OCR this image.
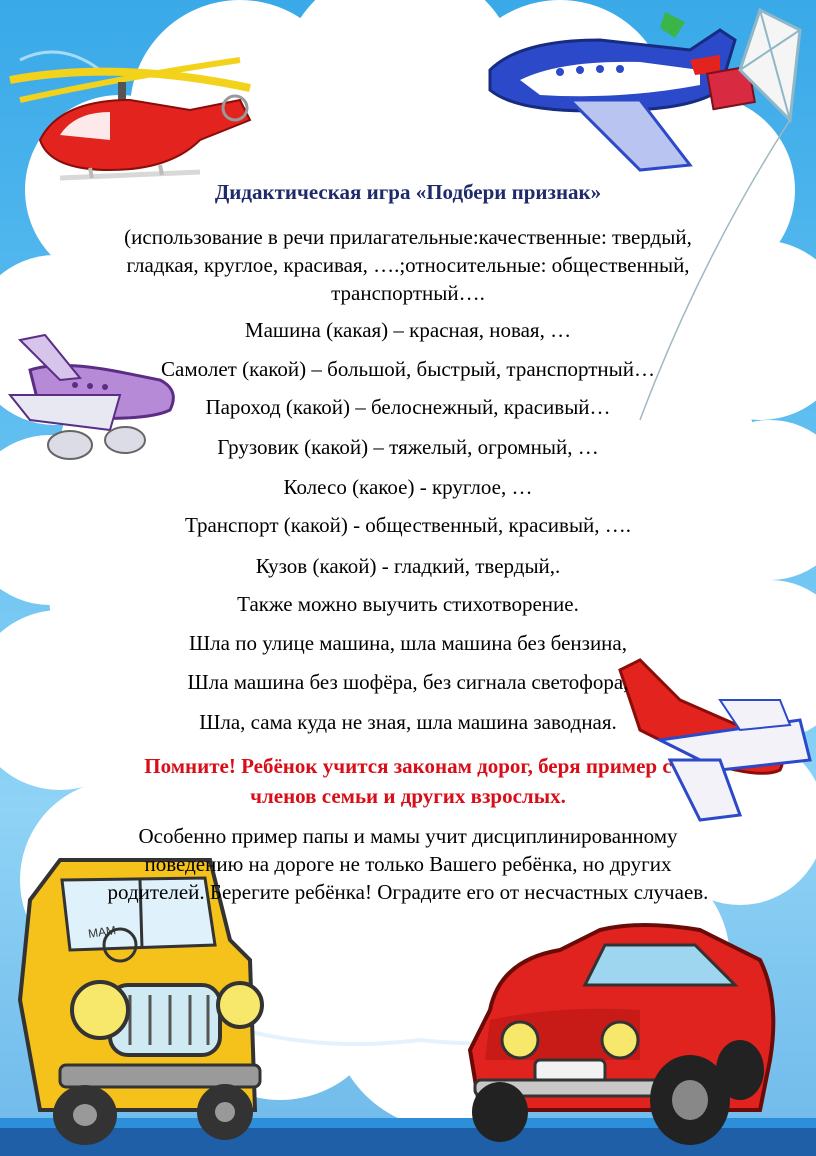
МАМ
Дидактическая игра «Подбери признак»
(использование в речи прилагательные:качественные: твердый,
гладкая, круглое, красивая, ….;относительные: общественный,
транспортный….
Машина (какая) – красная, новая, …
Самолет (какой) – большой, быстрый, транспортный…
Пароход (какой) – белоснежный, красивый…
Грузовик (какой) – тяжелый, огромный, …
Колесо (какое) - круглое, …
Транспорт (какой) - общественный, красивый, ….
Кузов (какой) - гладкий, твердый,.
Также можно выучить стихотворение.
Шла по улице машина, шла машина без бензина,
Шла машина без шофёра, без сигнала светофора,
Шла, сама куда не зная, шла машина заводная.
Помните! Ребёнок учится законам дорог, беря пример с
членов семьи и других взрослых.
Особенно пример папы и мамы учит дисциплинированному
поведению на дороге не только Вашего ребёнка, но других
родителей. Берегите ребёнка! Оградите его от несчастных случаев.
